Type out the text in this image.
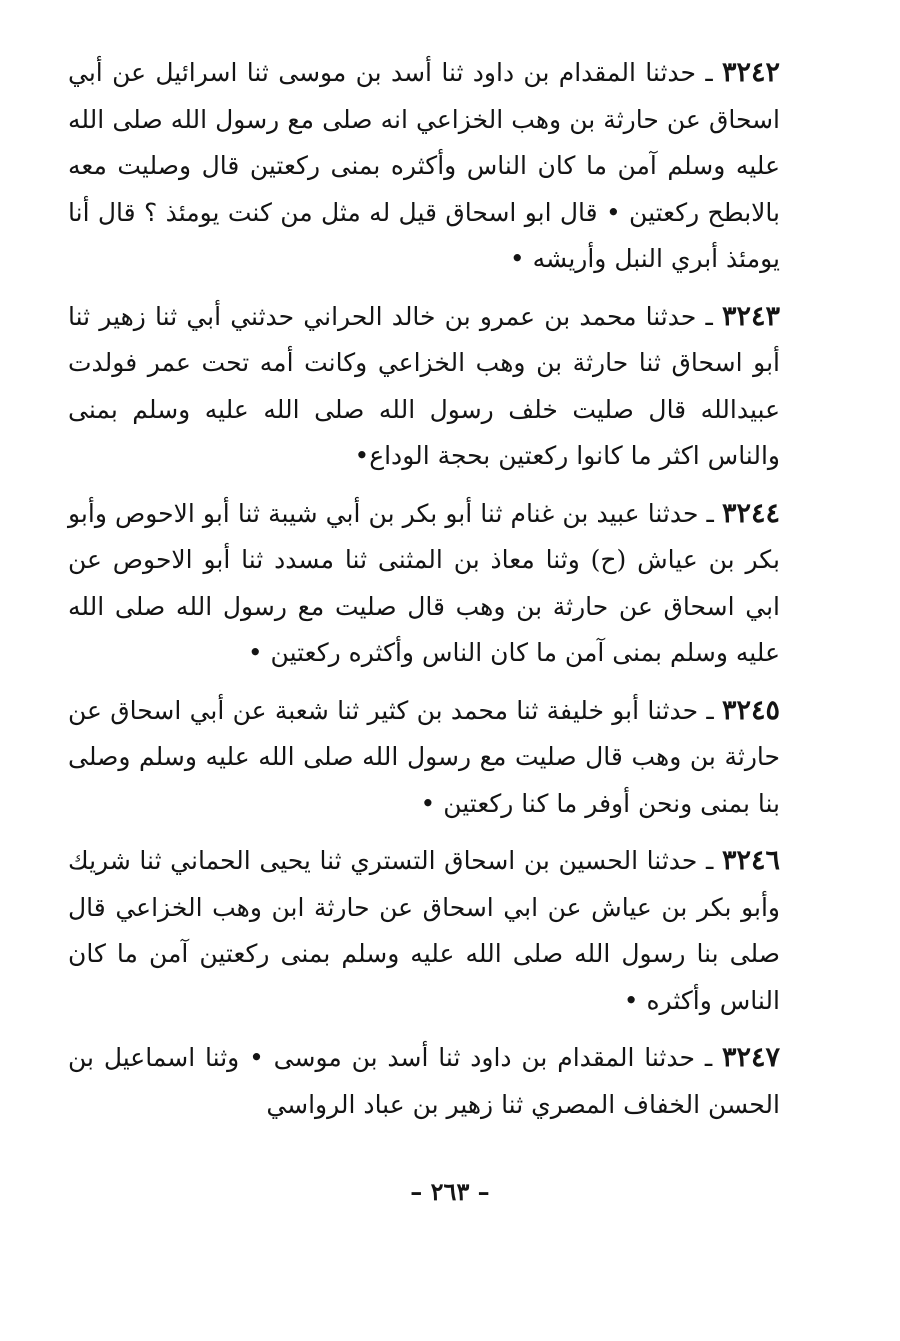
٣٢٤٢ ـ حدثنا المقدام بن داود ثنا أسد بن موسى ثنا اسرائيل عن أبي اسحاق عن حارثة بن وهب الخزاعي انه صلى مع رسول الله صلى الله عليه وسلم آمن ما كان الناس وأكثره بمنى ركعتين قال وصليت معه بالابطح ركعتين • قال ابو اسحاق قيل له مثل من كنت يومئذ ؟ قال أنا يومئذ أبري النبل وأريشه •

٣٢٤٣ ـ حدثنا محمد بن عمرو بن خالد الحراني حدثني أبي ثنا زهير ثنا أبو اسحاق ثنا حارثة بن وهب الخزاعي وكانت أمه تحت عمر فولدت عبيدالله قال صليت خلف رسول الله صلى الله عليه وسلم بمنى والناس اكثر ما كانوا ركعتين بحجة الوداع•

٣٢٤٤ ـ حدثنا عبيد بن غنام ثنا أبو بكر بن أبي شيبة ثنا أبو الاحوص وأبو بكر بن عياش (ح) وثنا معاذ بن المثنى ثنا مسدد ثنا أبو الاحوص عن ابي اسحاق عن حارثة بن وهب قال صليت مع رسول الله صلى الله عليه وسلم بمنى آمن ما كان الناس وأكثره ركعتين •

٣٢٤٥ ـ حدثنا أبو خليفة ثنا محمد بن كثير ثنا شعبة عن أبي اسحاق عن حارثة بن وهب قال صليت مع رسول الله صلى الله عليه وسلم وصلى بنا بمنى ونحن أوفر ما كنا ركعتين •

٣٢٤٦ ـ حدثنا الحسين بن اسحاق التستري ثنا يحيى الحماني ثنا شريك وأبو بكر بن عياش عن ابي اسحاق عن حارثة ابن وهب الخزاعي قال صلى بنا رسول الله صلى الله عليه وسلم بمنى ركعتين آمن ما كان الناس وأكثره •

٣٢٤٧ ـ حدثنا المقدام بن داود ثنا أسد بن موسى • وثنا اسماعيل بن الحسن الخفاف المصري ثنا زهير بن عباد الرواسي

– ٢٦٣ –
